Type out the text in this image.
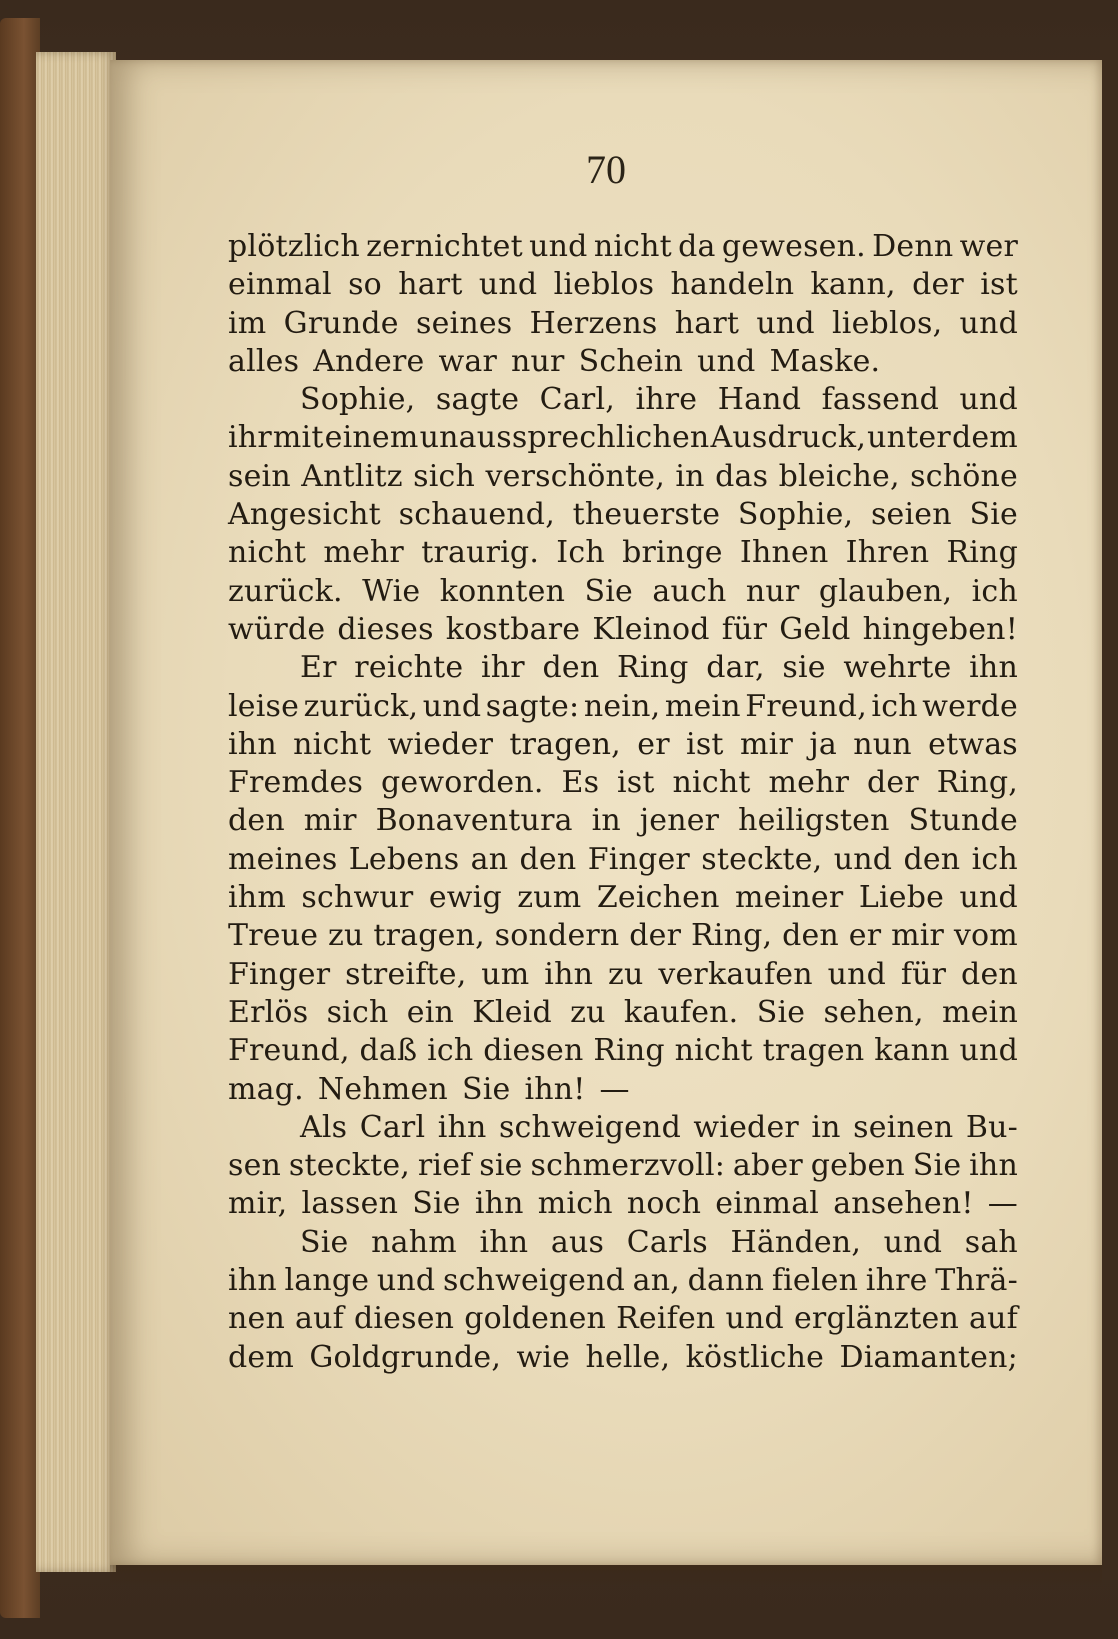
70
plötzlich zernichtet und nicht da gewesen. Denn wer
einmal so hart und lieblos handeln kann, der ist
im Grunde seines Herzens hart und lieblos, und
alles Andere war nur Schein und Maske.
Sophie, sagte Carl, ihre Hand fassend und
ihr mit einem unaussprechlichen Ausdruck, unter dem
sein Antlitz sich verschönte, in das bleiche, schöne
Angesicht schauend, theuerste Sophie, seien Sie
nicht mehr traurig. Ich bringe Ihnen Ihren Ring
zurück. Wie konnten Sie auch nur glauben, ich
würde dieses kostbare Kleinod für Geld hingeben!
Er reichte ihr den Ring dar, sie wehrte ihn
leise zurück, und sagte: nein, mein Freund, ich werde
ihn nicht wieder tragen, er ist mir ja nun etwas
Fremdes geworden. Es ist nicht mehr der Ring,
den mir Bonaventura in jener heiligsten Stunde
meines Lebens an den Finger steckte, und den ich
ihm schwur ewig zum Zeichen meiner Liebe und
Treue zu tragen, sondern der Ring, den er mir vom
Finger streifte, um ihn zu verkaufen und für den
Erlös sich ein Kleid zu kaufen. Sie sehen, mein
Freund, daß ich diesen Ring nicht tragen kann und
mag. Nehmen Sie ihn! —
Als Carl ihn schweigend wieder in seinen Bu-
sen steckte, rief sie schmerzvoll: aber geben Sie ihn
mir, lassen Sie ihn mich noch einmal ansehen! —
Sie nahm ihn aus Carls Händen, und sah
ihn lange und schweigend an, dann fielen ihre Thrä-
nen auf diesen goldenen Reifen und erglänzten auf
dem Goldgrunde, wie helle, köstliche Diamanten;
